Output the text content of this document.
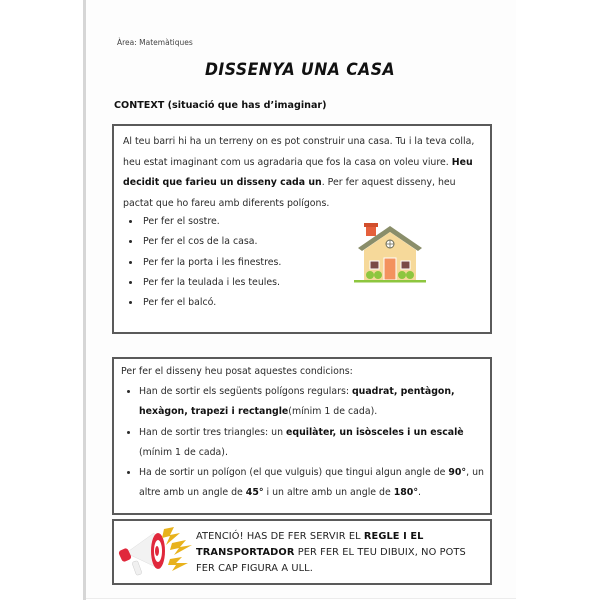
Àrea: Matemàtiques
DISSENYA UNA CASA
CONTEXT (situació que has d’imaginar)
Al teu barri hi ha un terreny on es pot construir una casa. Tu i la teva colla, heu estat imaginant com us agradaria que fos la casa on voleu viure. Heu decidit que farieu un disseny cada un. Per fer aquest disseny, heu pactat que ho fareu amb diferents polígons.
• Per fer el sostre.
• Per fer el cos de la casa.
• Per fer la porta i les finestres.
• Per fer la teulada i les teules.
• Per fer el balcó.
Per fer el disseny heu posat aquestes condicions:
• Han de sortir els següents polígons regulars: quadrat, pentàgon, hexàgon, trapezi i rectangle(mínim 1 de cada).
• Han de sortir tres triangles: un equilàter, un isòsceles i un escalè (mínim 1 de cada).
• Ha de sortir un polígon (el que vulguis) que tingui algun angle de 90°, un altre amb un angle de 45° i un altre amb un angle de 180°.
ATENCIÓ! HAS DE FER SERVIR EL REGLE I EL TRANSPORTADOR PER FER EL TEU DIBUIX, NO POTS FER CAP FIGURA A ULL.
